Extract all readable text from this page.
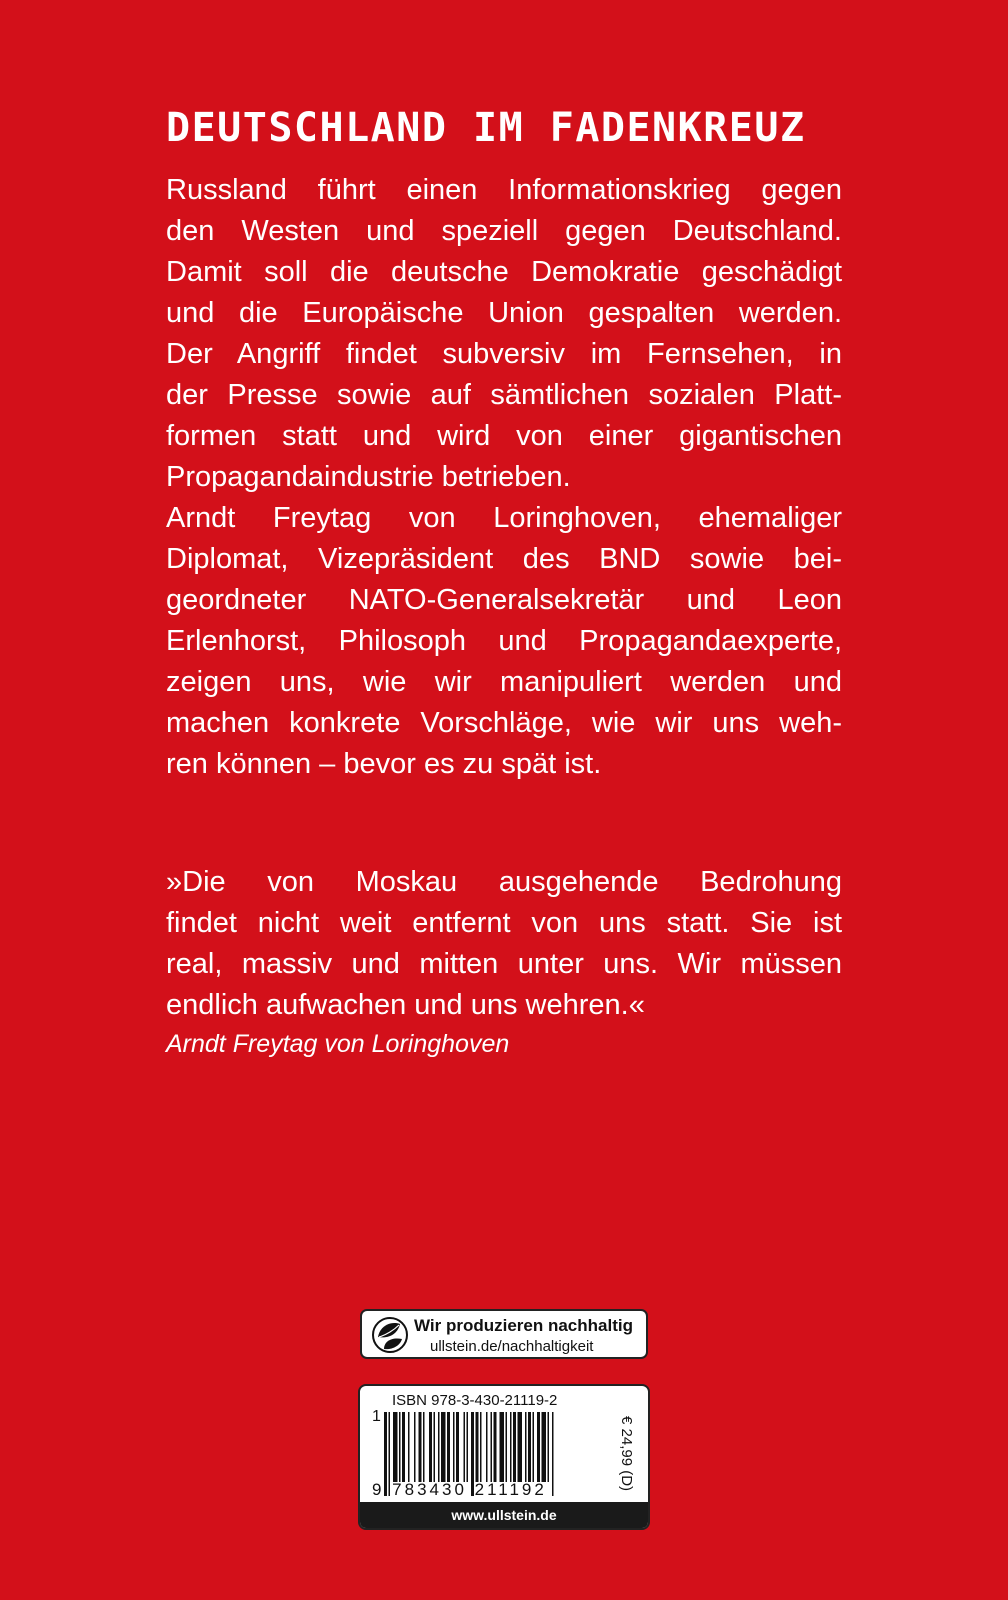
DEUTSCHLAND IM FADENKREUZ
Russland führt einen Informationskrieg gegen
den Westen und speziell gegen Deutschland.
Damit soll die deutsche Demokratie geschädigt
und die Europäische Union gespalten werden.
Der Angriff findet subversiv im Fernsehen, in
der Presse sowie auf sämtlichen sozialen Platt-
formen statt und wird von einer gigantischen
Propagandaindustrie betrieben.
Arndt Freytag von Loringhoven, ehemaliger
Diplomat, Vizepräsident des BND sowie bei-
geordneter NATO-Generalsekretär und Leon
Erlenhorst, Philosoph und Propagandaexperte,
zeigen uns, wie wir manipuliert werden und
machen konkrete Vorschläge, wie wir uns weh-
ren können – bevor es zu spät ist.
»Die von Moskau ausgehende Bedrohung
findet nicht weit entfernt von uns statt. Sie ist
real, massiv und mitten unter uns. Wir müssen
endlich aufwachen und uns wehren.«
Arndt Freytag von Loringhoven
Wir produzieren nachhaltig
ullstein.de/nachhaltigkeit
ISBN 978-3-430-21119-2
1
9 783430 211192	€ 24,99 (D)
www.ullstein.de
